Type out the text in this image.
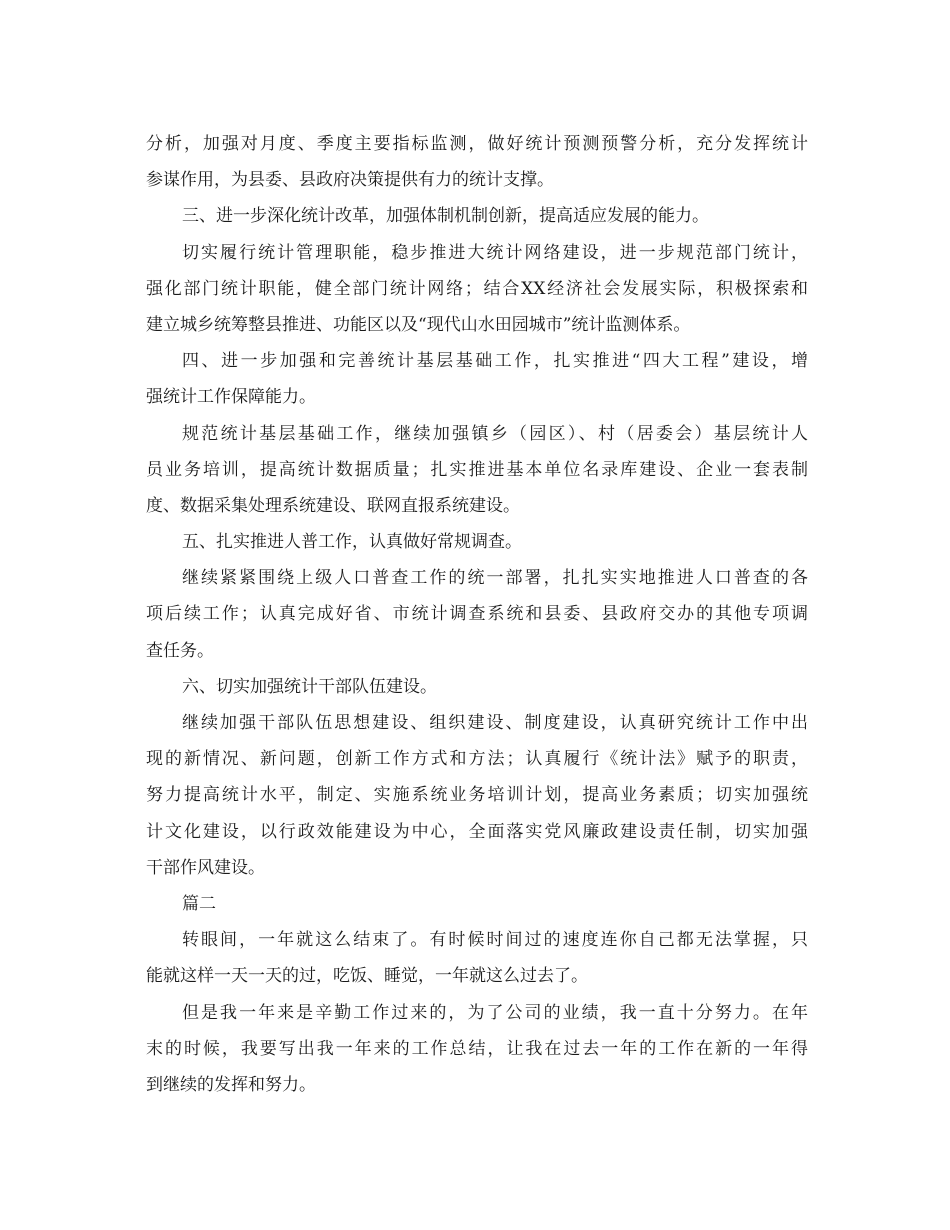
分析，加强对月度、季度主要指标监测，做好统计预测预警分析，充分发挥统计
参谋作用，为县委、县政府决策提供有力的统计支撑。
三、进一步深化统计改革，加强体制机制创新，提高适应发展的能力。
切实履行统计管理职能，稳步推进大统计网络建设，进一步规范部门统计，
强化部门统计职能，健全部门统计网络；结合XX经济社会发展实际，积极探索和
建立城乡统筹整县推进、功能区以及“现代山水田园城市”统计监测体系。
四、进一步加强和完善统计基层基础工作，扎实推进“四大工程”建设，增
强统计工作保障能力。
规范统计基层基础工作，继续加强镇乡（园区）、村（居委会）基层统计人
员业务培训，提高统计数据质量；扎实推进基本单位名录库建设、企业一套表制
度、数据采集处理系统建设、联网直报系统建设。
五、扎实推进人普工作，认真做好常规调查。
继续紧紧围绕上级人口普查工作的统一部署，扎扎实实地推进人口普查的各
项后续工作；认真完成好省、市统计调查系统和县委、县政府交办的其他专项调
查任务。
六、切实加强统计干部队伍建设。
继续加强干部队伍思想建设、组织建设、制度建设，认真研究统计工作中出
现的新情况、新问题，创新工作方式和方法；认真履行《统计法》赋予的职责，
努力提高统计水平，制定、实施系统业务培训计划，提高业务素质；切实加强统
计文化建设，以行政效能建设为中心，全面落实党风廉政建设责任制，切实加强
干部作风建设。
篇二
转眼间，一年就这么结束了。有时候时间过的速度连你自己都无法掌握，只
能就这样一天一天的过，吃饭、睡觉，一年就这么过去了。
但是我一年来是辛勤工作过来的，为了公司的业绩，我一直十分努力。在年
末的时候，我要写出我一年来的工作总结，让我在过去一年的工作在新的一年得
到继续的发挥和努力。
